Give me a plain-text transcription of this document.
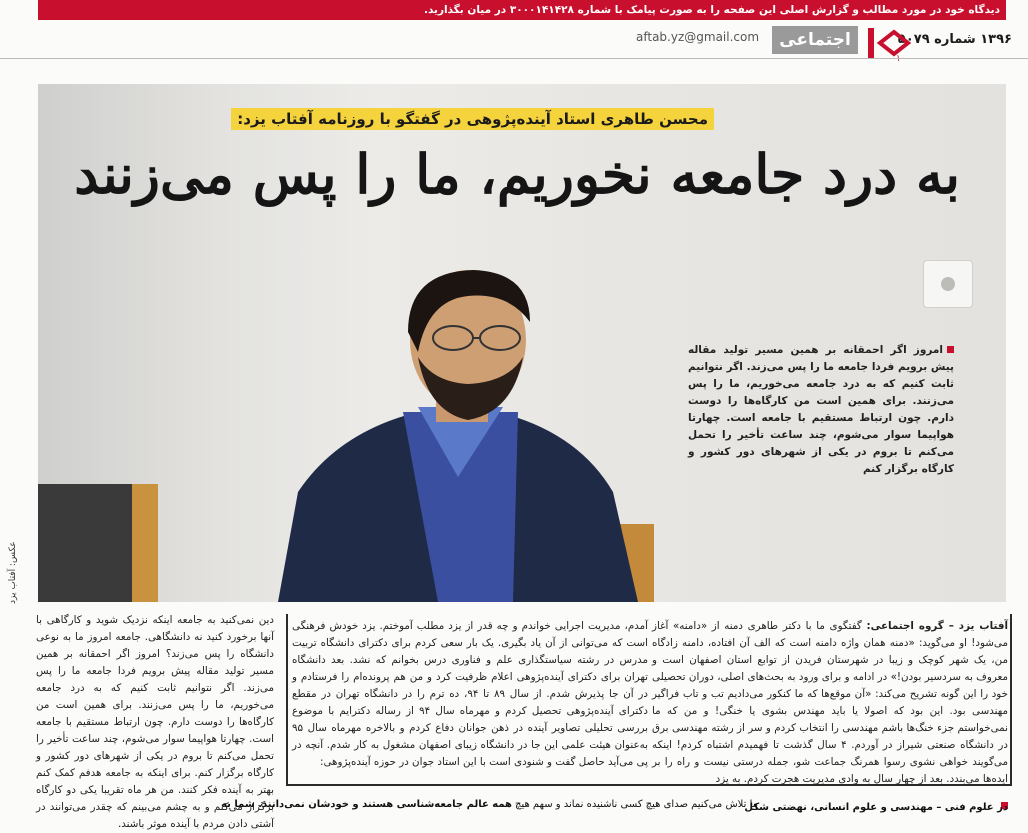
دیدگاه خود در مورد مطالب و گزارش اصلی این صفحه را به صورت پیامک با شماره ۳۰۰۰۱۴۱۴۲۸ در میان بگذارید.
۱۳۹۶ شماره ۵۰۷۹
۱۰
اجتماعی
aftab.yz@gmail.com
محسن طاهری استاد آینده‌پژوهی در گفتگو با روزنامه آفتاب یزد:
به درد جامعه نخوریم، ما را پس می‌زنند
امروز اگر احمقانه بر همین مسیر تولید مقاله پیش برویم فردا جامعه ما را پس می‌زند. اگر نتوانیم ثابت کنیم که به درد جامعه می‌خوریم، ما را پس می‌زنند. برای همین است من کارگاه‌ها را دوست دارم. چون ارتباط مستقیم با جامعه است. چهارتا هواپیما سوار می‌شوم، چند ساعت تأخیر را تحمل می‌کنم تا بروم در یکی از شهرهای دور کشور و کارگاه برگزار کنم
عکس: آفتاب یزد

آفتاب یزد – گروه اجتماعی: گفتگوی ما با دکتر طاهری دمنه از «دامنه» آغاز می‌شود! او می‌گوید: «دمنه همان واژه دامنه است که الف آن افتاده، دامنه زادگاه من، یک شهر کوچک و زیبا در شهرستان فریدن از توابع استان اصفهان است و معروف به سردسیر بودن!» در ادامه و برای ورود به بحث‌های اصلی، دوران تحصیلی خود را این گونه تشریح می‌کند: «آن موقع‌ها که ما کنکور می‌دادیم تب و تاب فراگیر مهندسی بود. این بود که اصولا یا باید مهندس بشوی یا خنگی! و من که ما نمی‌خواستم جزء خنگ‌ها باشم مهندسی را انتخاب کردم و سر از رشته مهندسی برق در دانشگاه صنعتی شیراز در آوردم. ۴ سال گذشت تا فهمیدم اشتباه کردم! اینکه می‌گویند خواهی نشوی رسوا همرنگ جماعت شو، جمله درستی نیست و راه را بر ایده‌ها می‌بندد. بعد از چهار سال به وادی مدیریت هجرت کردم. به یزد

آمدم، مدیریت اجرایی خواندم و چه قدر از یزد مطلب آموختم. یزد خودش فرهنگی است که می‌توانی از آن یاد بگیری. یک بار سعی کردم برای دکترای دانشگاه تربیت مدرس در رشته سیاستگذاری علم و فناوری درس بخوانم که نشد. بعد دانشگاه تهران برای دکترای آینده‌پژوهی اعلام ظرفیت کرد و من هم پرونده‌ام را فرستادم و در آن جا پذیرش شدم. از سال ۸۹ تا ۹۴، ده ترم را در دانشگاه تهران در مقطع دکترای آینده‌پژوهی تحصیل کردم و مهرماه سال ۹۴ از رساله دکترایم با موضوع بررسی تحلیلی تصاویر آینده در ذهن جوانان دفاع کردم و بالاخره مهرماه سال ۹۵ به‌عنوان هیئت علمی این جا در دانشگاه زیبای اصفهان مشغول به کار شدم. آنچه در پی می‌آید حاصل گفت و شنودی است با این استاد جوان در حوزه آینده‌پژوهی:

دین نمی‌کنید به جامعه اینکه نزدیک شوید و کارگاهی با آنها برخورد کنید نه دانشگاهی. جامعه امروز ما به نوعی دانشگاه را پس می‌زند؟ امروز اگر احمقانه بر همین مسیر تولید مقاله پیش برویم فردا جامعه ما را پس می‌زند. اگر نتوانیم ثابت کنیم که به درد جامعه می‌خوریم، ما را پس می‌زنند. برای همین است من کارگاه‌ها را دوست دارم. چون ارتباط مستقیم با جامعه است. چهارتا هواپیما سوار می‌شوم، چند ساعت تأخیر را تحمل می‌کنم تا بروم در یکی از شهرهای دور کشور و کارگاه برگزار کنم. برای اینکه به جامعه هدفم کمک کنم بهتر به آینده فکر کنند. من هر ماه تقریبا یکی دو کارگاه برگزار می‌کنم و به چشم می‌بینم که چقدر می‌توانند در آشتی دادن مردم با آینده موثر باشند.

در علوم فنی – مهندسی و علوم انسانی، نهضتی شکل
ما تلاش می‌کنیم صدای هیچ کسی ناشنیده نماند و سهم هیچ
همه عالم جامعه‌شناسی هستند و خودشان نمی‌دانند. شما به
